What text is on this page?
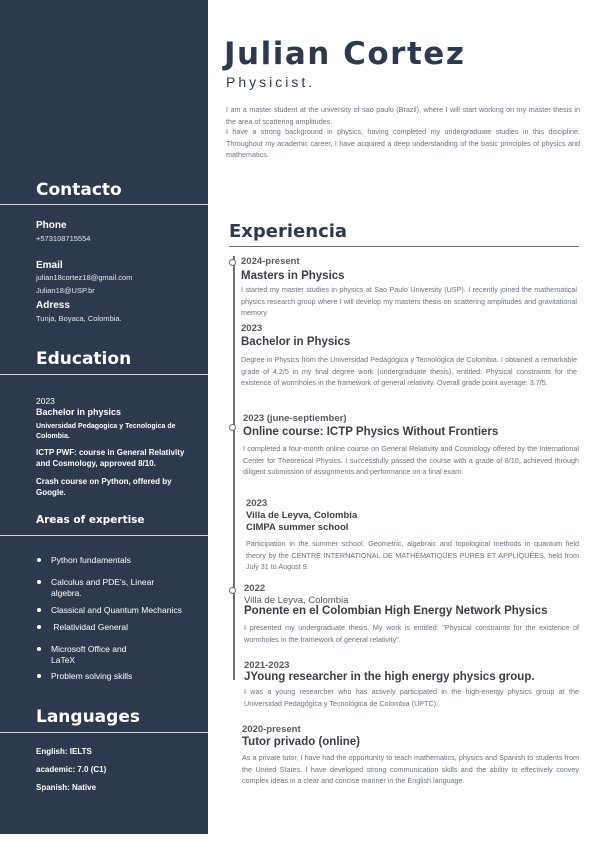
Contacto
Phone
+573108715554
Email
julian18cortez18@gmail.com
Julian18@USP.br
Adress
Tunja, Boyaca, Colombia.
Education
2023
Bachelor in physics
Universidad Pedagogica y Tecnologica de Colombia.
ICTP PWF: course in General Relativity and Cosmology, approved 8/10.
Crash course on Python, offered by Google.
Areas of expertise
Python fundamentals
Calculus and PDE's, Linear algebra.
Classical and Quantum Mechanics
Relatividad General
Microsoft Office and LaTeX
Problem solving skills
Languages
English: IELTS
academic: 7.0 (C1)
Spanish: Native
Julian Cortez
Physicist.
I am a master student at the university of sao paulo (Brazil), where I will start working on my master thesis in the area of scattering amplitudes.
I have a strong background in physics, having completed my undergraduate studies in this discipline. Throughout my academic career, I have acquired a deep understanding of the basic principles of physics and mathematics.
Experiencia
2024-present
Masters in Physics
I started my master studies in physics at Sao Paulo University (USP). I recently joined the mathematical physics research group where I will develop my masters thesis on scattering amplitudes and gravitational memory
2023
Bachelor in Physics
Degree in Physics from the Universidad Pedagógica y Tecnológica de Colombia. I obtained a remarkable grade of 4.2/5 in my final degree work (undergraduate thesis), entitled: Physical constraints for the existence of wormholes in the framework of general relativity. Overall grade point average: 3.7/5.
2023 (june-septiember)
Online course: ICTP Physics Without Frontiers
I completed a four-month online course on General Relativity and Cosmology offered by the International Center for Theoretical Physics. I successfully passed the course with a grade of 8/10, achieved through diligent submission of assignments and performance on a final exam.
2023
Villa de Leyva, Colombia
CIMPA summer school
Participation in the summer school: Geometric, algebraic and topological methods in quantum field theory by the CENTRE INTERNATIONAL DE MATHÉMATIQUES PURES ET APPLIQUÉES, held from July 31 to August 9.
2022
Villa de Leyva, Colombia
Ponente en el Colombian High Energy Network Physics
I presented my undergraduate thesis. My work is entitled: "Physical constraints for the existence of wormholes in the framework of general relativity".
2021-2023
JYoung researcher in the high energy physics group.
I was a young researcher who has actively participated in the high-energy physics group at the Universidad Pedagógica y Tecnológica de Colombia (UPTC).
2020-present
Tutor privado (online)
As a private tutor, I have had the opportunity to teach mathematics, physics and Spanish to students from the United States. I have developed strong communication skills and the ability to effectively convey complex ideas in a clear and concise manner in the English language.
